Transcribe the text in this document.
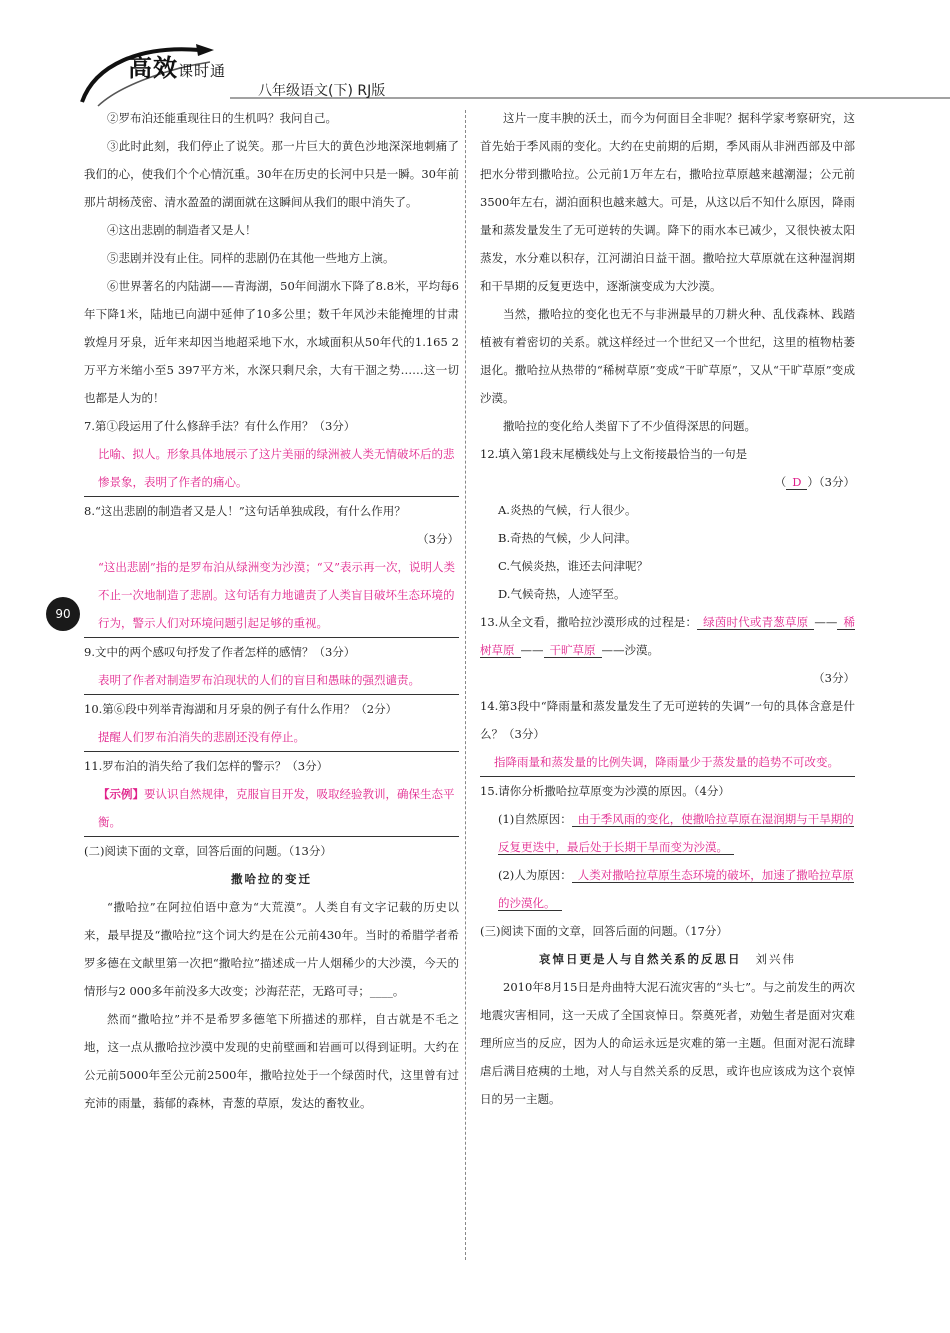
高效课时通
八年级语文(下) RJ版
90

②罗布泊还能重现往日的生机吗？我问自己。

③此时此刻，我们停止了说笑。那一片巨大的黄色沙地深深地刺痛了我们的心，使我们个个心情沉重。30年在历史的长河中只是一瞬。30年前那片胡杨茂密、清水盈盈的湖面就在这瞬间从我们的眼中消失了。

④这出悲剧的制造者又是人！

⑤悲剧并没有止住。同样的悲剧仍在其他一些地方上演。

⑥世界著名的内陆湖——青海湖，50年间湖水下降了8.8米，平均每6年下降1米，陆地已向湖中延伸了10多公里；数千年风沙未能掩埋的甘肃敦煌月牙泉，近年来却因当地超采地下水，水域面积从50年代的1.165 2万平方米缩小至5 397平方米，水深只剩尺余，大有干涸之势……这一切也都是人为的！

7.第①段运用了什么修辞手法？有什么作用？（3分）

比喻、拟人。形象具体地展示了这片美丽的绿洲被人类无情破坏后的悲惨景象，表明了作者的痛心。

8.“这出悲剧的制造者又是人！”这句话单独成段，有什么作用？

（3分）

“这出悲剧”指的是罗布泊从绿洲变为沙漠；“又”表示再一次，说明人类不止一次地制造了悲剧。这句话有力地谴责了人类盲目破坏生态环境的行为，警示人们对环境问题引起足够的重视。

9.文中的两个感叹句抒发了作者怎样的感情？（3分）

表明了作者对制造罗布泊现状的人们的盲目和愚昧的强烈谴责。

10.第⑥段中列举青海湖和月牙泉的例子有什么作用？（2分）

提醒人们罗布泊消失的悲剧还没有停止。

11.罗布泊的消失给了我们怎样的警示？（3分）

【示例】要认识自然规律，克服盲目开发，吸取经验教训，确保生态平衡。

(二)阅读下面的文章，回答后面的问题。（13分）

撒哈拉的变迁

“撒哈拉”在阿拉伯语中意为“大荒漠”。人类自有文字记载的历史以来，最早提及“撒哈拉”这个词大约是在公元前430年。当时的希腊学者希罗多德在文献里第一次把“撒哈拉”描述成一片人烟稀少的大沙漠，今天的情形与2 000多年前没多大改变；沙海茫茫，无路可寻；____。

然而“撒哈拉”并不是希罗多德笔下所描述的那样，自古就是不毛之地，这一点从撒哈拉沙漠中发现的史前壁画和岩画可以得到证明。大约在公元前5000年至公元前2500年，撒哈拉处于一个绿茵时代，这里曾有过充沛的雨量，蓊郁的森林，青葱的草原，发达的畜牧业。

这片一度丰腴的沃土，而今为何面目全非呢？据科学家考察研究，这首先始于季风雨的变化。大约在史前期的后期，季风雨从非洲西部及中部把水分带到撒哈拉。公元前1万年左右，撒哈拉草原越来越潮湿；公元前3500年左右，湖泊面积也越来越大。可是，从这以后不知什么原因，降雨量和蒸发量发生了无可逆转的失调。降下的雨水本已减少，又很快被太阳蒸发，水分难以积存，江河湖泊日益干涸。撒哈拉大草原就在这种湿润期和干旱期的反复更迭中，逐渐演变成为大沙漠。

当然，撒哈拉的变化也无不与非洲最早的刀耕火种、乱伐森林、践踏植被有着密切的关系。就这样经过一个世纪又一个世纪，这里的植物枯萎退化。撒哈拉从热带的“稀树草原”变成“干旷草原”，又从“干旷草原”变成沙漠。

撒哈拉的变化给人类留下了不少值得深思的问题。

12.填入第1段末尾横线处与上文衔接最恰当的一句是

（ D ）（3分）

A.炎热的气候，行人很少。

B.奇热的气候，少人问津。

C.气候炎热，谁还去问津呢？

D.气候奇热，人迹罕至。

13.从全文看，撒哈拉沙漠形成的过程是： 绿茵时代或青葱草原 —— 稀树草原 —— 干旷草原 ——沙漠。

（3分）

14.第3段中“降雨量和蒸发量发生了无可逆转的失调”一句的具体含意是什么？（3分）

指降雨量和蒸发量的比例失调，降雨量少于蒸发量的趋势不可改变。

15.请你分析撒哈拉草原变为沙漠的原因。（4分）

(1)自然原因： 由于季风雨的变化，使撒哈拉草原在湿润期与干旱期的反复更迭中，最后处于长期干旱而变为沙漠。

(2)人为原因： 人类对撒哈拉草原生态环境的破坏，加速了撒哈拉草原的沙漠化。

(三)阅读下面的文章，回答后面的问题。（17分）

哀悼日更是人与自然关系的反思日 刘兴伟

2010年8月15日是舟曲特大泥石流灾害的“头七”。与之前发生的两次地震灾害相同，这一天成了全国哀悼日。祭奠死者，劝勉生者是面对灾难理所应当的反应，因为人的命运永远是灾难的第一主题。但面对泥石流肆虐后满目疮痍的土地，对人与自然关系的反思，或许也应该成为这个哀悼日的另一主题。
